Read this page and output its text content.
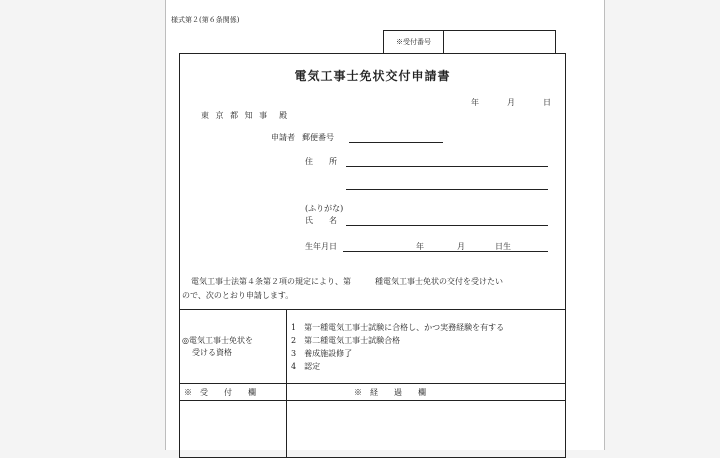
様式第２(第６条関係)
※受付番号
電気工事士免状交付申請書
年	月	日
東 京 都 知 事　殿
申請者 郵便番号
住　　所
(ふりがな)
氏　　名
生年月日	年	月	日生
電気工事士法第４条第２項の規定により、第　　　種電気工事士免状の交付を受けたい
ので、次のとおり申請します。
◎電気工事士免状を
受ける資格
1　第一種電気工事士試験に合格し、かつ実務経験を有する
2　第二種電気工事士試験合格
3　養成施設修了
4　認定
※　受　　付　　欄	※　経　　過　　欄
